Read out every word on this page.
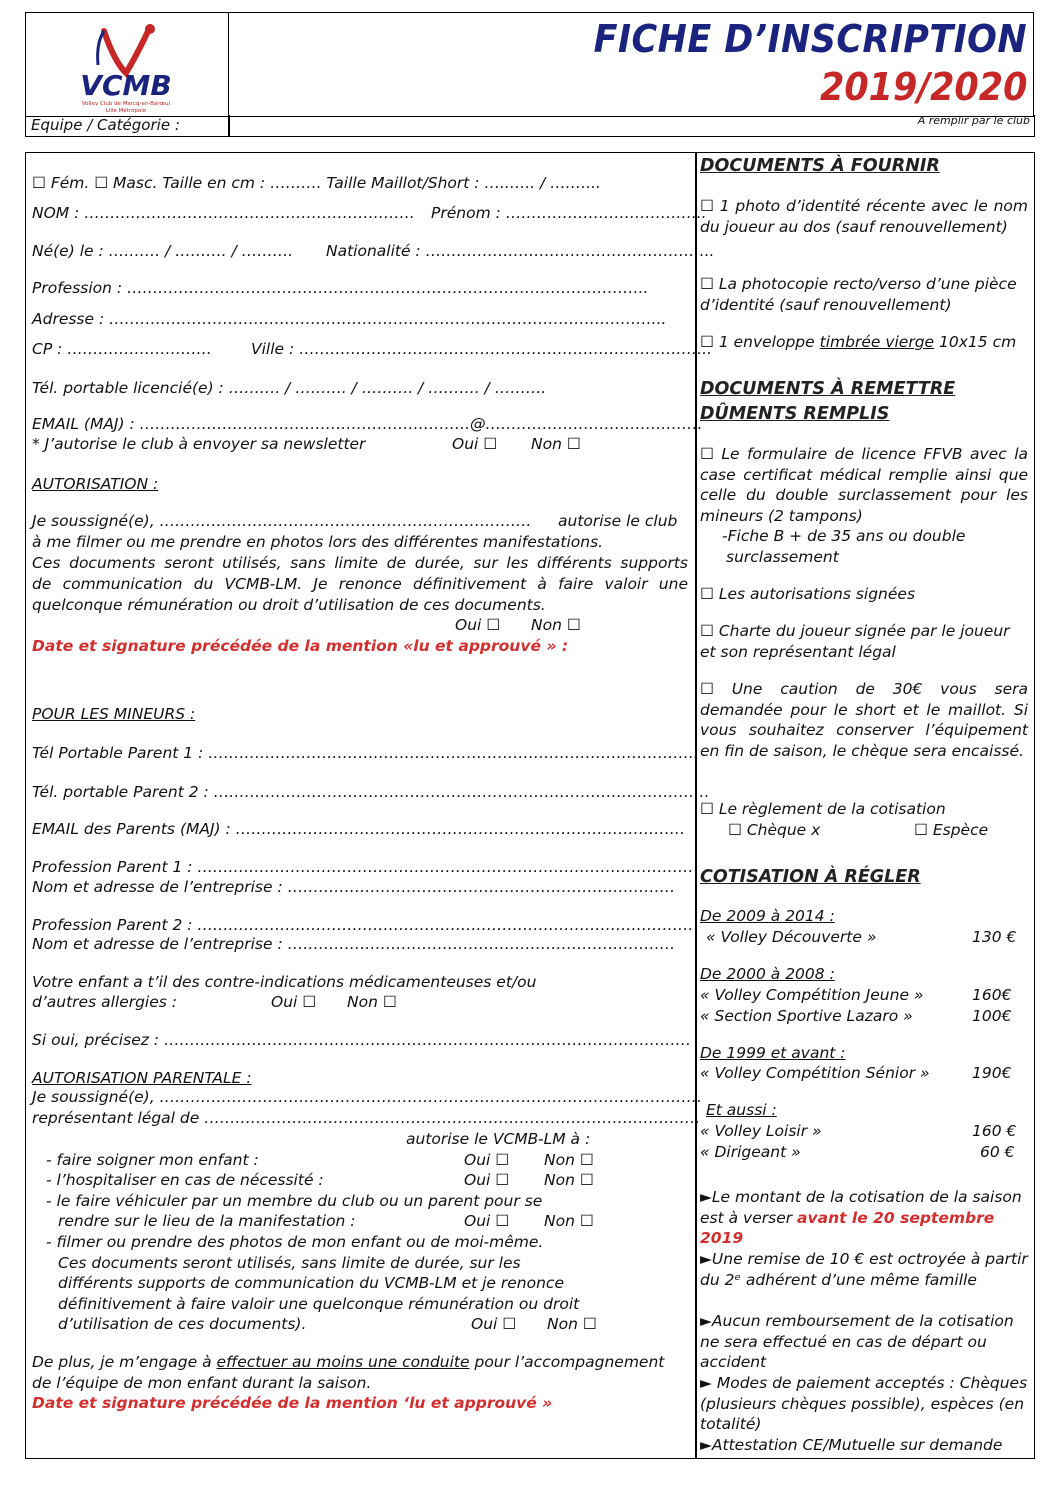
VCMB
Volley Club de Marcq-en-Barœul
Lille Métropole
FICHE D’INSCRIPTION
2019/2020
Equipe / Catégorie :	A remplir par le club
☐ Fém. ☐ Masc. Taille en cm : ………. Taille Maillot/Short : …..….. / ….…...
NOM : ………………………………………………………. Prénom : ………………………………...
Né(e) le : ………. / ………. / ………. Nationalité : ………………………………………………..
Profession : ………………………………………………………………………………………..
Adresse : ……………………………………………………………………………………………...
CP : ……………………….	Ville : ……………………………………………………………………..
Tél. portable licencié(e) : ………. / ………. / ………. / ………. / ……….
EMAIL (MAJ) : ……………………………………………………….@……………………………………
* J’autorise le club à envoyer sa newsletter	Oui ☐ Non ☐
AUTORISATION :
Je soussigné(e), ……………………………………………………………… autorise le club
à me filmer ou me prendre en photos lors des différentes manifestations.
Ces documents seront utilisés, sans limite de durée, sur les différents supports
de communication du VCMB-LM. Je renonce définitivement à faire valoir une
quelconque rémunération ou droit d’utilisation de ces documents.
Oui ☐ Non ☐
Date et signature précédée de la mention «lu et approuvé » :
POUR LES MINEURS :
Tél Portable Parent 1 : …………………………………………………………………………………..
Tél. portable Parent 2 : ……………………………………………………………………………………
EMAIL des Parents (MAJ) : ……………………………………………………………………………
Profession Parent 1 : ……………………………………………………………………………………
Nom et adresse de l’entreprise : …………………………………………………………………
Profession Parent 2 : ……………………………………………………………………………………
Nom et adresse de l’entreprise : …………………………………………………………………
Votre enfant a t’il des contre-indications médicamenteuses et/ou
d’autres allergies :	Oui ☐ Non ☐
Si oui, précisez : …………………………………………………………………………………………
AUTORISATION PARENTALE :
Je soussigné(e), ……………………………………………………………………………………………
représentant légal de ……………………………………………………………………………………
autorise le VCMB-LM à :
- faire soigner mon enfant :	Oui ☐ Non ☐
- l’hospitaliser en cas de nécessité :	Oui ☐ Non ☐
- le faire véhiculer par un membre du club ou un parent pour se
rendre sur le lieu de la manifestation :	Oui ☐ Non ☐
- filmer ou prendre des photos de mon enfant ou de moi-même.
Ces documents seront utilisés, sans limite de durée, sur les
différents supports de communication du VCMB-LM et je renonce
définitivement à faire valoir une quelconque rémunération ou droit
d’utilisation de ces documents).	Oui ☐ Non ☐
De plus, je m’engage à effectuer au moins une conduite pour l’accompagnement
de l’équipe de mon enfant durant la saison.
Date et signature précédée de la mention ‘lu et approuvé »
DOCUMENTS À FOURNIR
☐ 1 photo d’identité récente avec le nom du joueur au dos (sauf renouvellement)
☐ La photocopie recto/verso d’une pièce d’identité (sauf renouvellement)
☐ 1 enveloppe timbrée vierge 10x15 cm
DOCUMENTS À REMETTRE
DÛMENTS REMPLIS
☐ Le formulaire de licence FFVB avec la case certificat médical remplie ainsi que celle du double surclassement pour les mineurs (2 tampons)
-Fiche B + de 35 ans ou double
surclassement
☐ Les autorisations signées
☐ Charte du joueur signée par le joueur et son représentant légal
☐ Une caution de 30€ vous sera demandée pour le short et le maillot. Si vous souhaitez conserver l’équipement en fin de saison, le chèque sera encaissé.
☐ Le règlement de la cotisation
☐ Chèque x	☐ Espèce
COTISATION À RÉGLER
De 2009 à 2014 :
« Volley Découverte »	130 €
De 2000 à 2008 :
« Volley Compétition Jeune »	160€
« Section Sportive Lazaro »	100€
De 1999 et avant :
« Volley Compétition Sénior »	190€
Et aussi :
« Volley Loisir »	160 €
« Dirigeant »	60 €
►Le montant de la cotisation de la saison est à verser avant le 20 septembre 2019
►Une remise de 10 € est octroyée à partir du 2ᵉ adhérent d’une même famille
►Aucun remboursement de la cotisation ne sera effectué en cas de départ ou accident
► Modes de paiement acceptés : Chèques (plusieurs chèques possible), espèces (en totalité)
►Attestation CE/Mutuelle sur demande
